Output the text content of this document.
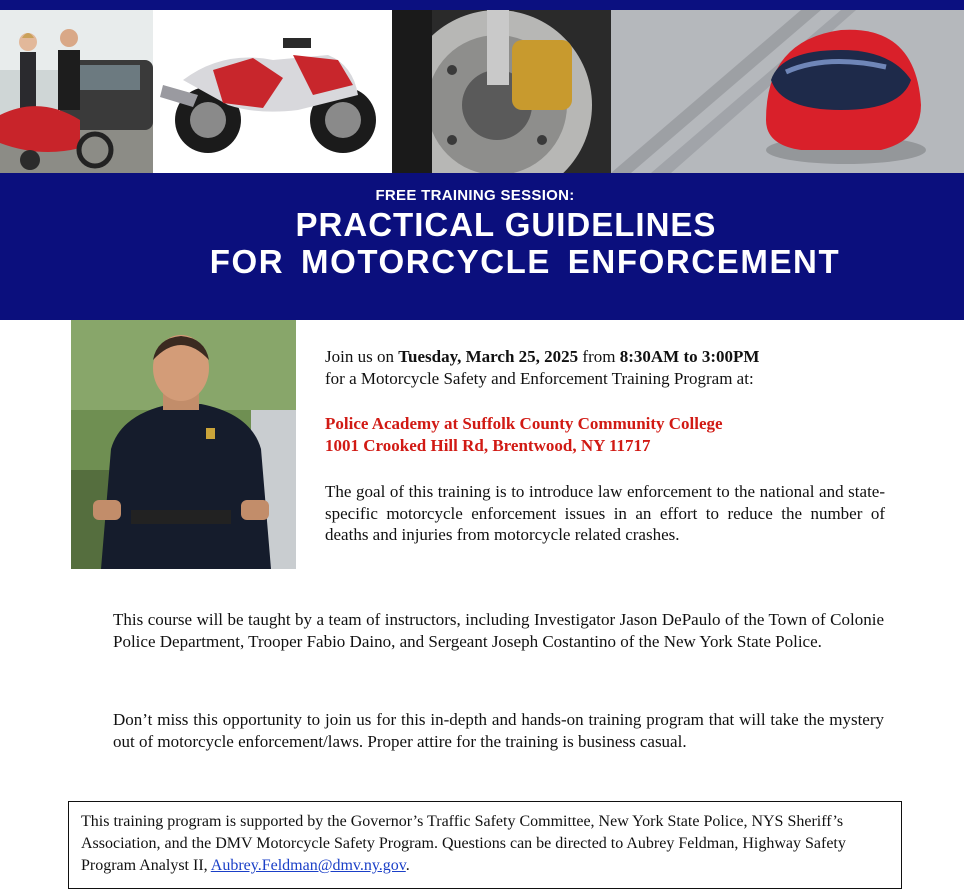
FREE TRAINING SESSION:
PRACTICAL GUIDELINES
FOR MOTORCYCLE ENFORCEMENT
Join us on Tuesday, March 25, 2025 from 8:30AM to 3:00PM
for a Motorcycle Safety and Enforcement Training Program at:
Police Academy at Suffolk County Community College
1001 Crooked Hill Rd, Brentwood, NY 11717
The goal of this training is to introduce law enforcement to the national and state-specific motorcycle enforcement issues in an effort to reduce the number of deaths and injuries from motorcycle related crashes.
This course will be taught by a team of instructors, including Investigator Jason DePaulo of the Town of Colonie Police Department, Trooper Fabio Daino, and Sergeant Joseph Costantino of the New York State Police.
Don’t miss this opportunity to join us for this in-depth and hands-on training program that will take the mystery out of motorcycle enforcement/laws. Proper attire for the training is business casual.
This training program is supported by the Governor’s Traffic Safety Committee, New York State Police, NYS Sheriff’s Association, and the DMV Motorcycle Safety Program. Questions can be directed to Aubrey Feldman, Highway Safety Program Analyst II, Aubrey.Feldman@dmv.ny.gov.
